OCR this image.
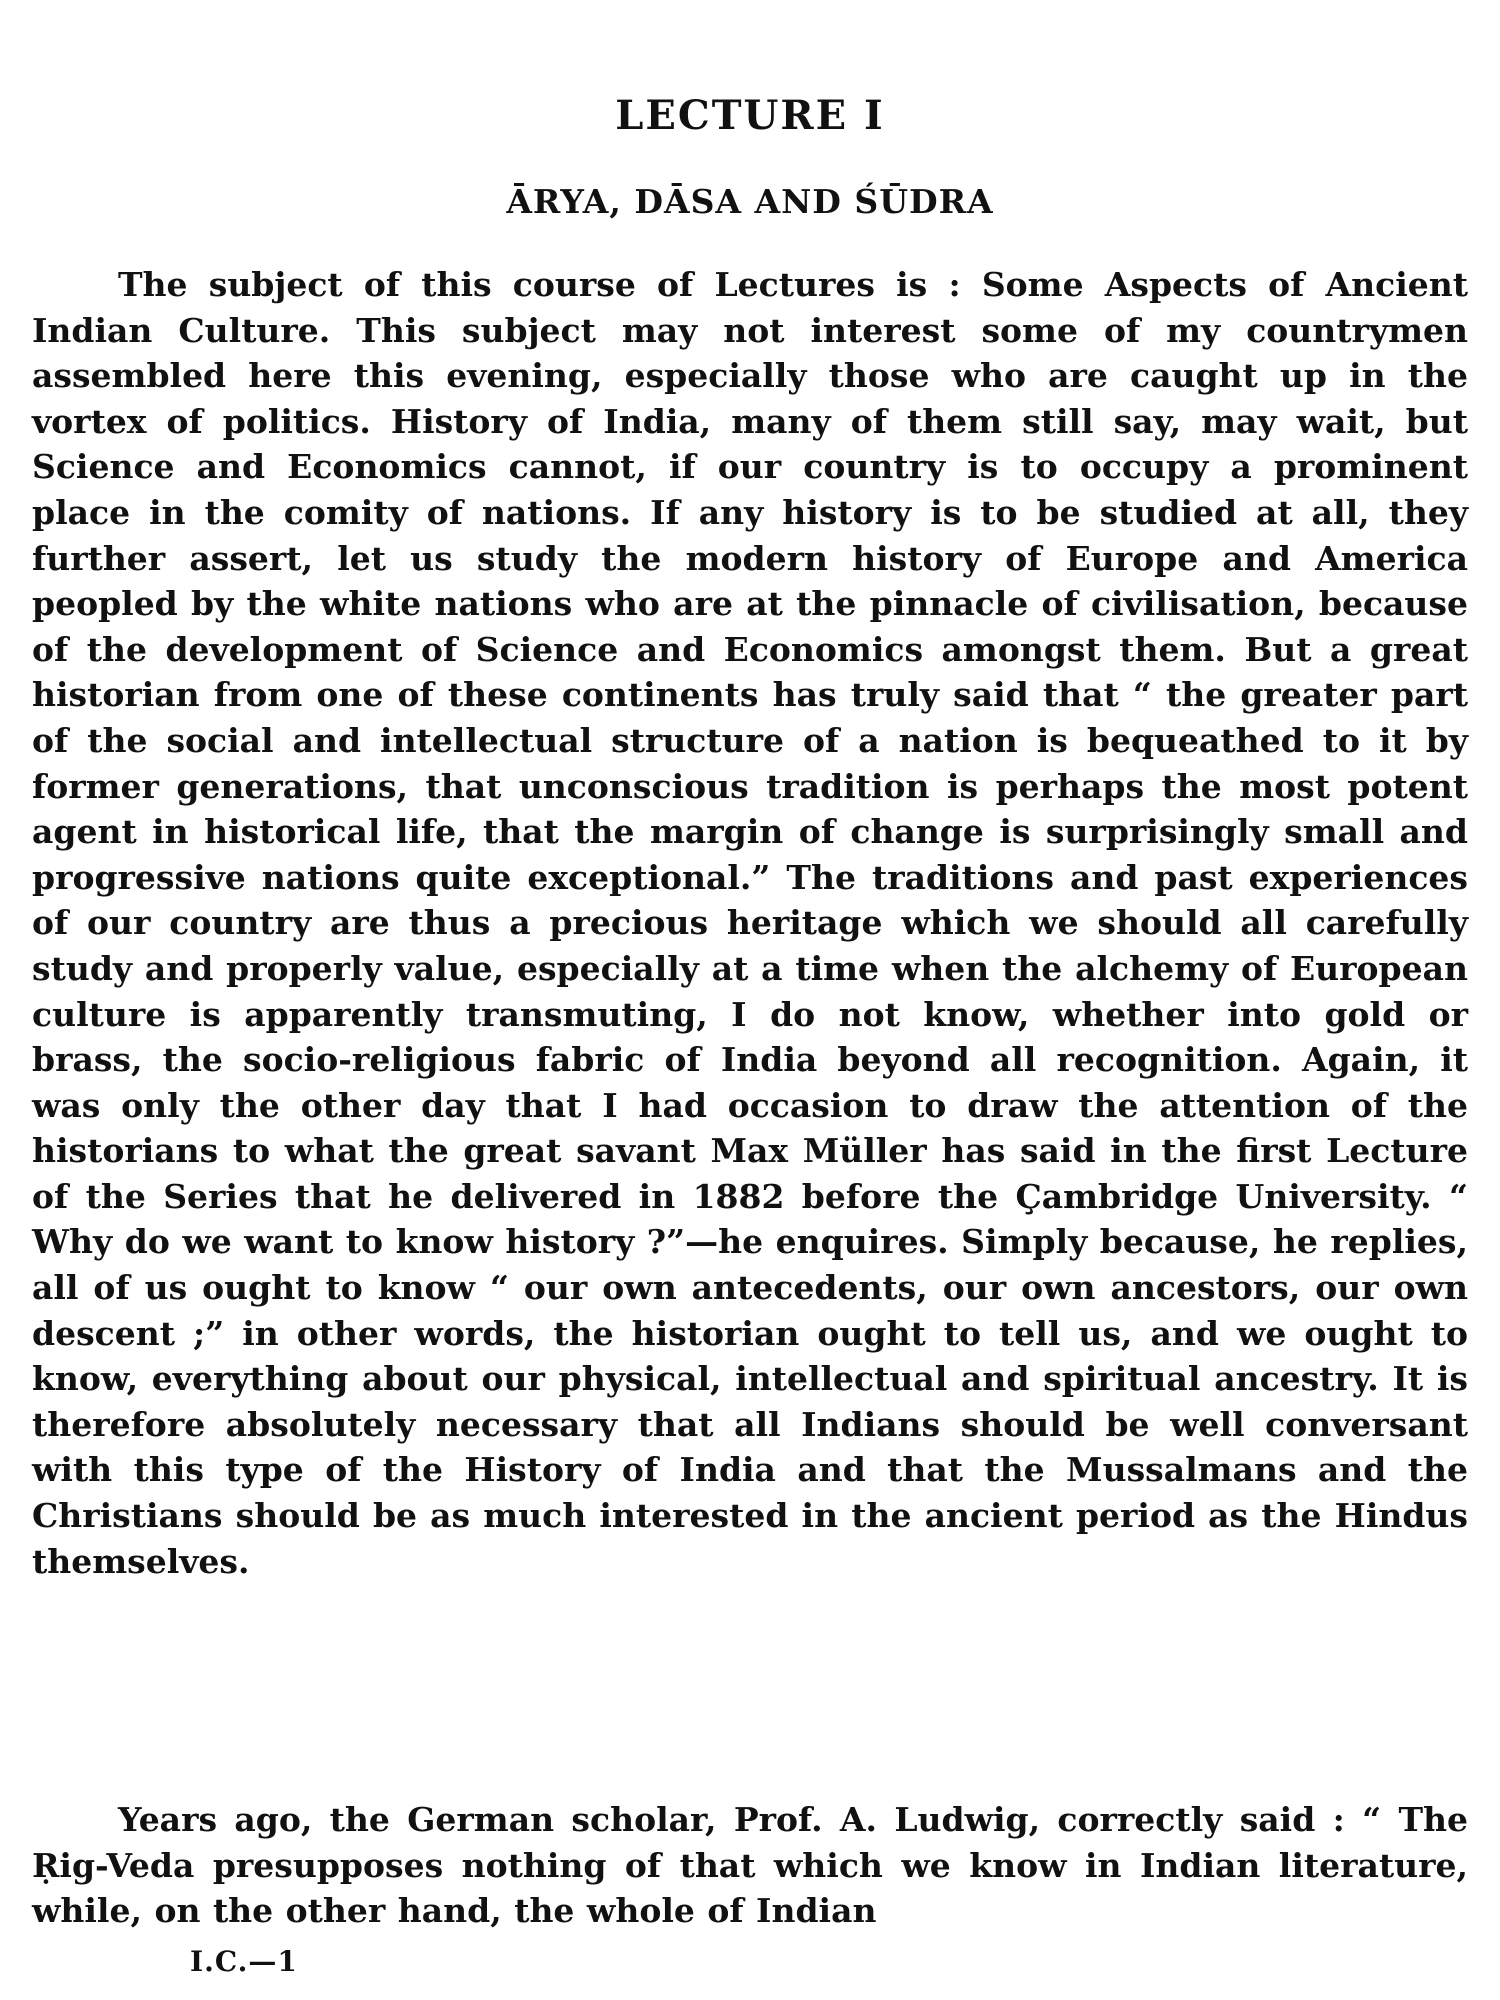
LECTURE I
ĀRYA, DĀSA AND ŚŪDRA

The subject of this course of Lectures is : Some Aspects of Ancient Indian Culture. This subject may not interest some of my countrymen assembled here this evening, especially those who are caught up in the vortex of politics. History of India, many of them still say, may wait, but Science and Economics cannot, if our country is to occupy a prominent place in the comity of nations. If any history is to be studied at all, they further assert, let us study the modern history of Europe and America peopled by the white nations who are at the pinnacle of civilisation, because of the development of Science and Economics amongst them. But a great historian from one of these continents has truly said that “ the greater part of the social and intellectual structure of a nation is bequeathed to it by former generations, that unconscious tradition is perhaps the most potent agent in historical life, that the margin of change is surprisingly small and progressive nations quite exceptional.” The traditions and past experiences of our country are thus a precious heritage which we should all carefully study and properly value, especially at a time when the alchemy of European culture is apparently transmuting, I do not know, whether into gold or brass, the socio-religious fabric of India beyond all recognition. Again, it was only the other day that I had occasion to draw the attention of the historians to what the great savant Max Müller has said in the first Lecture of the Series that he delivered in 1882 before the Çambridge University. “ Why do we want to know history ?”—he enquires. Simply because, he replies, all of us ought to know “ our own antecedents, our own ancestors, our own descent ;” in other words, the historian ought to tell us, and we ought to know, everything about our physical, intellectual and spiritual ancestry. It is therefore absolutely necessary that all Indians should be well conversant with this type of the History of India and that the Mussalmans and the Christians should be as much interested in the ancient period as the Hindus themselves.

Years ago, the German scholar, Prof. A. Ludwig, correctly said : “ The Ṛig-Veda presupposes nothing of that which we know in Indian literature, while, on the other hand, the whole of Indian

I.C.—1
